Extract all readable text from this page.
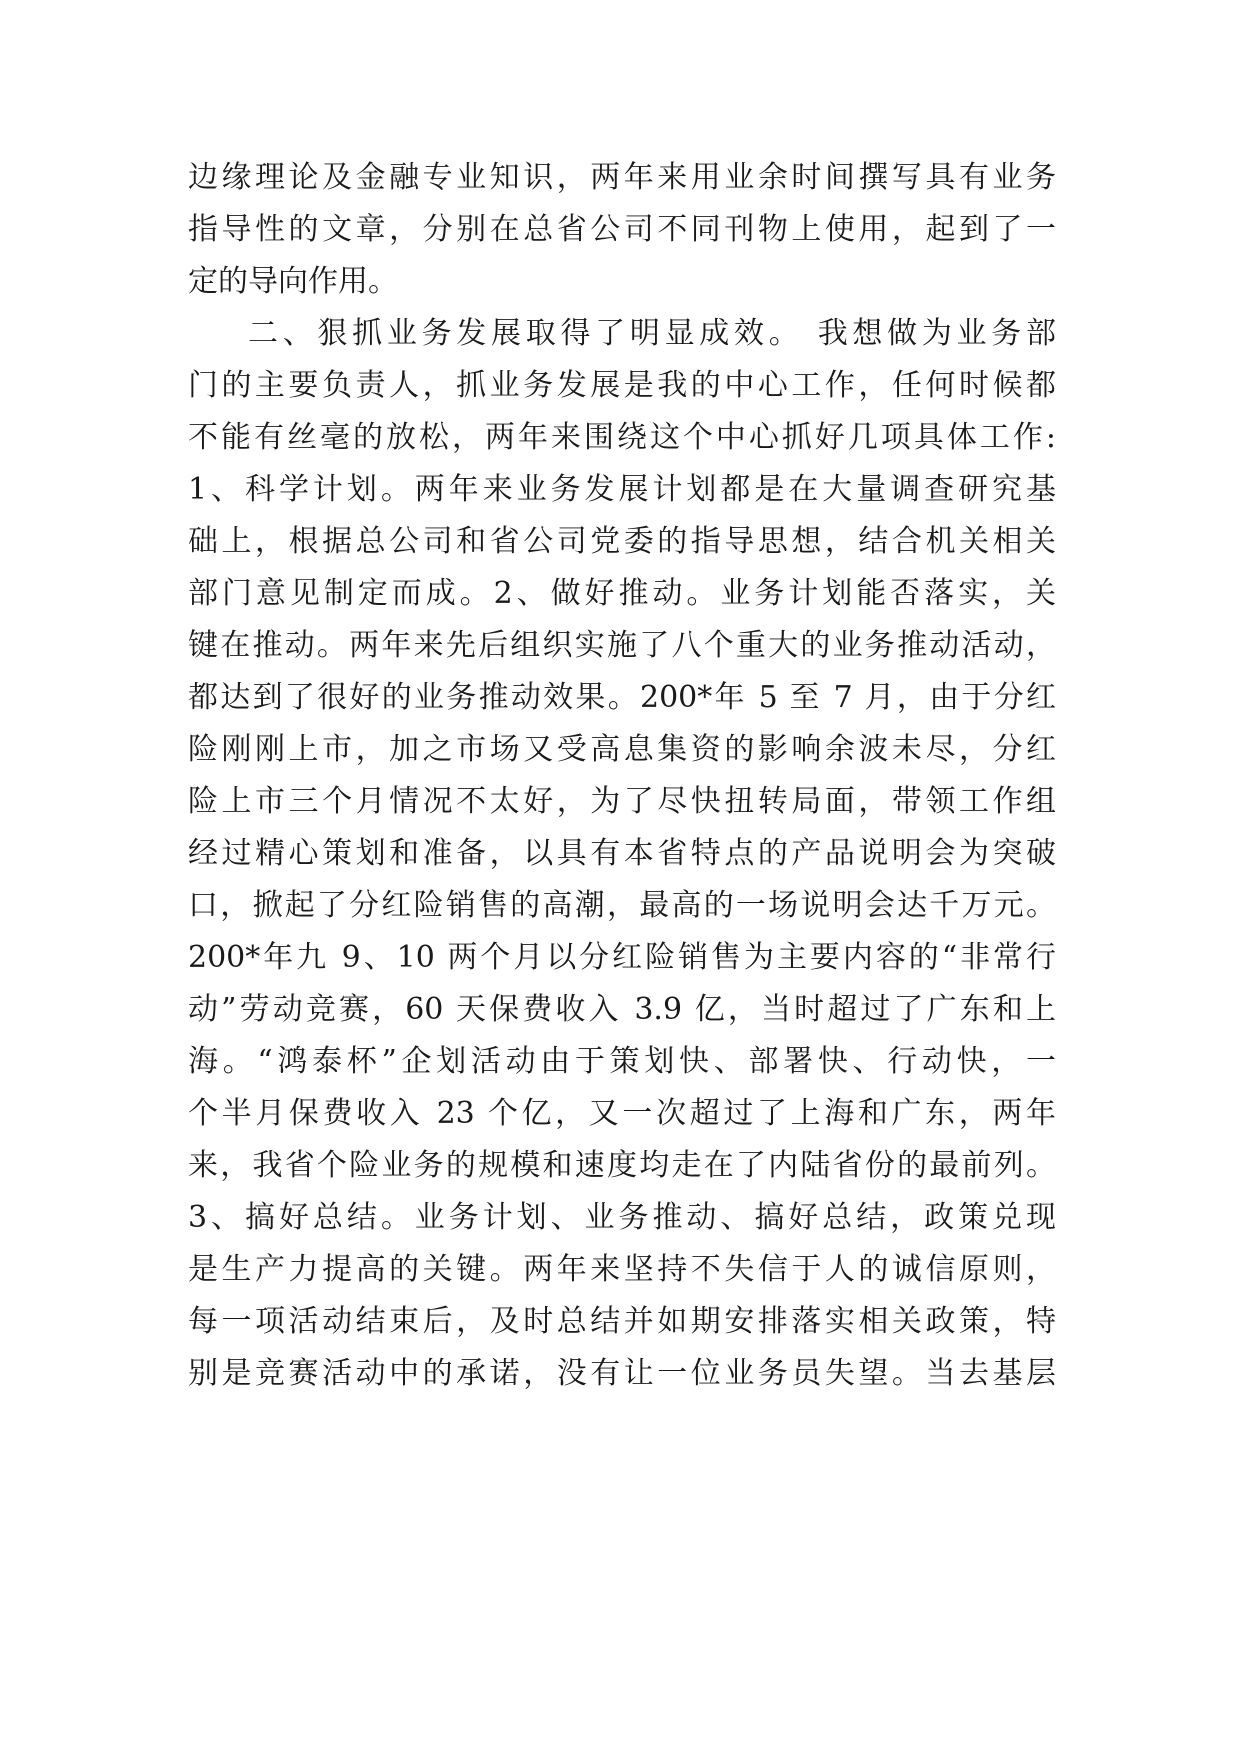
边缘理论及金融专业知识，两年来用业余时间撰写具有业务
指导性的文章，分别在总省公司不同刊物上使用，起到了一
定的导向作用。
二、狠抓业务发展取得了明显成效。 我想做为业务部
门的主要负责人，抓业务发展是我的中心工作，任何时候都
不能有丝毫的放松，两年来围绕这个中心抓好几项具体工作:
1、科学计划。两年来业务发展计划都是在大量调查研究基
础上，根据总公司和省公司党委的指导思想，结合机关相关
部门意见制定而成。2、做好推动。业务计划能否落实，关
键在推动。两年来先后组织实施了八个重大的业务推动活动，
都达到了很好的业务推动效果。200*年 5 至 7 月，由于分红
险刚刚上市，加之市场又受高息集资的影响余波未尽，分红
险上市三个月情况不太好，为了尽快扭转局面，带领工作组
经过精心策划和准备，以具有本省特点的产品说明会为突破
口，掀起了分红险销售的高潮，最高的一场说明会达千万元。
200*年九 9、10 两个月以分红险销售为主要内容的“非常行
动”劳动竞赛，60 天保费收入 3.9 亿，当时超过了广东和上
海。“鸿泰杯”企划活动由于策划快、部署快、行动快，一
个半月保费收入 23 个亿，又一次超过了上海和广东，两年
来，我省个险业务的规模和速度均走在了内陆省份的最前列。
3、搞好总结。业务计划、业务推动、搞好总结，政策兑现
是生产力提高的关键。两年来坚持不失信于人的诚信原则，
每一项活动结束后，及时总结并如期安排落实相关政策，特
别是竞赛活动中的承诺，没有让一位业务员失望。当去基层
